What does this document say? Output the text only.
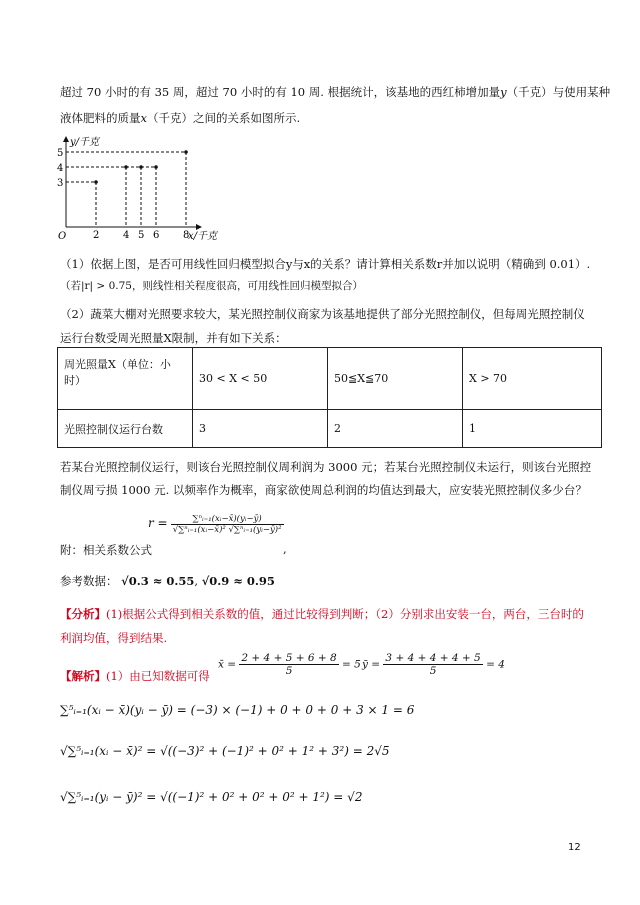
超过 70 小时的有 35 周，超过 70 小时的有 10 周. 根据统计，该基地的西红柿增加量y（千克）与使用某种
液体肥料的质量x（千克）之间的关系如图所示.
2 4 5 6 8
3
4
5
y/千克
x/千克
O
（1）依据上图，是否可用线性回归模型拟合y与x的关系？请计算相关系数r并加以说明（精确到 0.01）.
（若|r| > 0.75，则线性相关程度很高，可用线性回归模型拟合）
（2）蔬菜大棚对光照要求较大，某光照控制仪商家为该基地提供了部分光照控制仪，但每周光照控制仪
运行台数受周光照量X限制，并有如下关系：
周光照量X（单位：小时）	30 < X < 50	50≦X≦70	X > 70
光照控制仪运行台数	3	2	1
若某台光照控制仪运行，则该台光照控制仪周利润为 3000 元；若某台光照控制仪未运行，则该台光照控
制仪周亏损 1000 元. 以频率作为概率，商家欲使周总利润的均值达到最大，应安装光照控制仪多少台？
$r = \frac{\text{∑ⁿᵢ₌₁(xᵢ−x̄)(yᵢ−ȳ)}}{\text{√∑ⁿᵢ₌₁(xᵢ−x̄)² √∑ⁿᵢ₌₁(yᵢ−ȳ)²}}$
附：相关系数公式	,
参考数据： √0.3 ≈ 0.55, √0.9 ≈ 0.95
【分析】(1)根据公式得到相关系数的值，通过比较得到判断；（2）分别求出安装一台，两台，三台时的
利润均值，得到结果.
【解析】(1）由已知数据可得
x̄ = $\frac{2 + 4 + 5 + 6 + 8}{5} = 5$ ȳ = $\frac{3 + 4 + 4 + 4 + 5}{5} = 4$
∑⁵ᵢ₌₁(xᵢ − x̄)(yᵢ − ȳ) = (−3) × (−1) + 0 + 0 + 0 + 3 × 1 = 6
√∑⁵ᵢ₌₁(xᵢ − x̄)² = √((−3)² + (−1)² + 0² + 1² + 3²) = 2√5
√∑⁵ᵢ₌₁(yᵢ − ȳ)² = √((−1)² + 0² + 0² + 0² + 1²) = √2
12
